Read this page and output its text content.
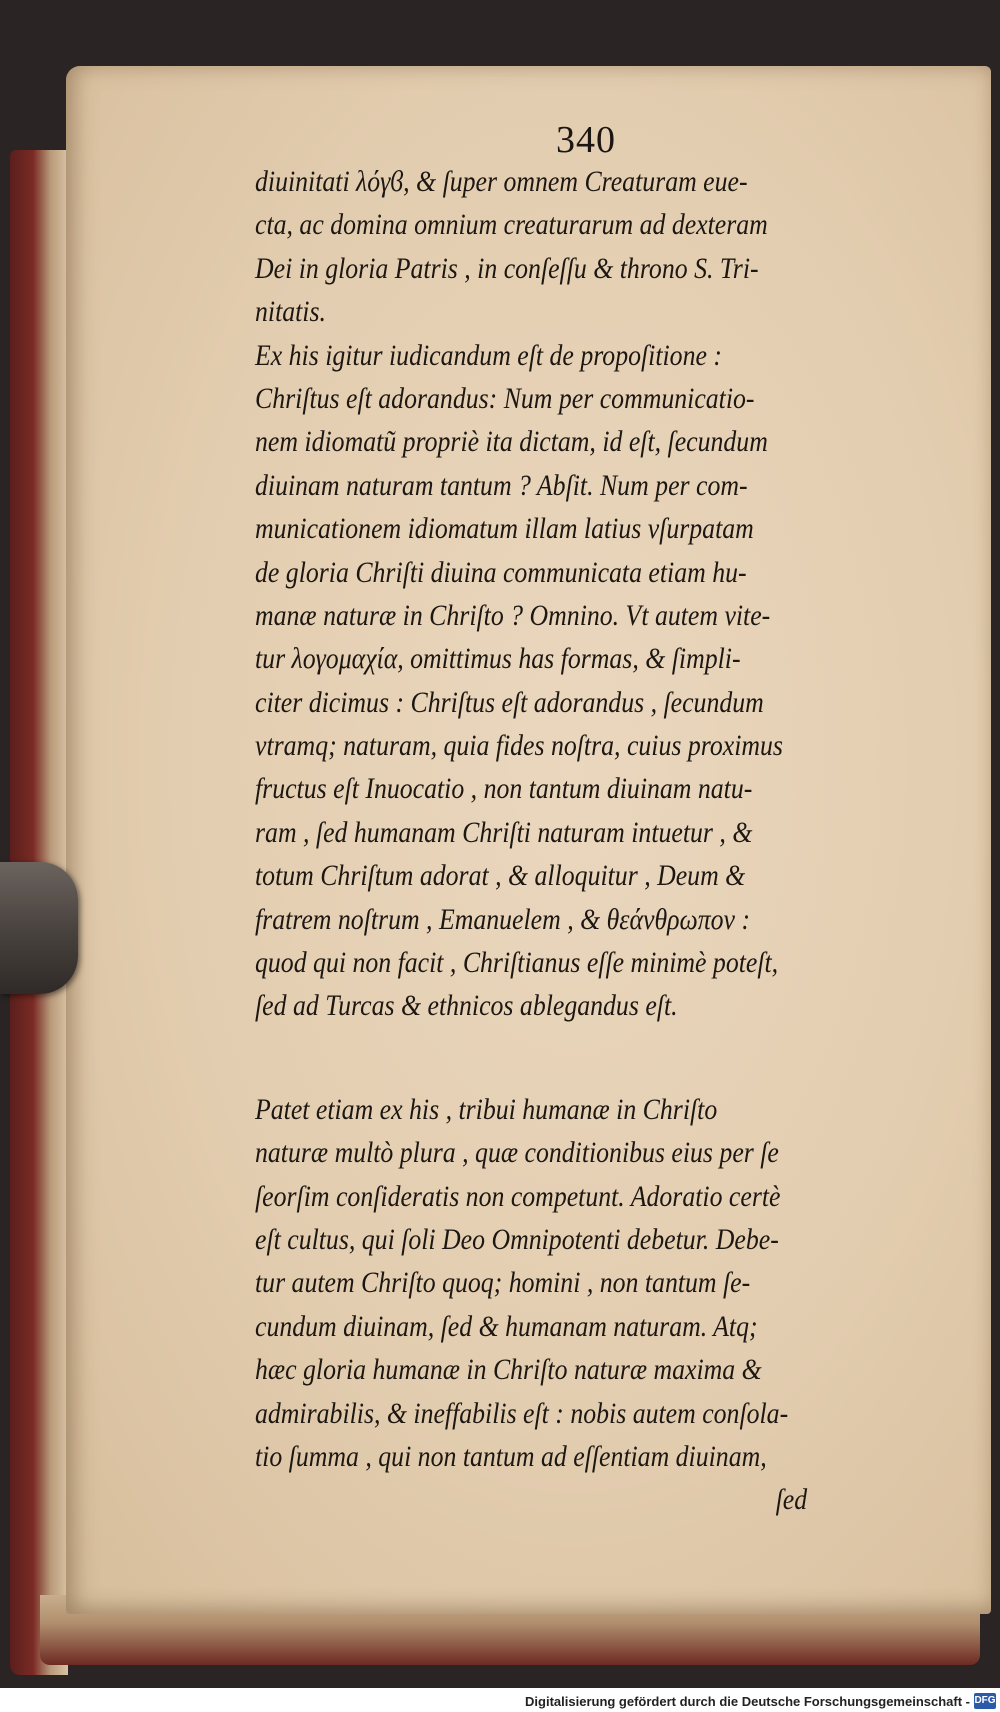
340
diuinitati λόγϐ, & ſuper omnem Creaturam eue-
cta, ac domina omnium creaturarum ad dexteram
Dei in gloria Patris , in conſeſſu & throno S. Tri-
nitatis.
Ex his igitur iudicandum eſt de propoſitione :
Chriſtus eſt adorandus: Num per communicatio-
nem idiomatũ propriè ita dictam, id eſt, ſecundum
diuinam naturam tantum ? Abſit. Num per com-
municationem idiomatum illam latius vſurpatam
de gloria Chriſti diuina communicata etiam hu-
manæ naturæ in Chriſto ? Omnino. Vt autem vite-
tur λογομαχία, omittimus has formas, & ſimpli-
citer dicimus : Chriſtus eſt adorandus , ſecundum
vtramq; naturam, quia fides noſtra, cuius proximus
fructus eſt Inuocatio , non tantum diuinam natu-
ram , ſed humanam Chriſti naturam intuetur , &
totum Chriſtum adorat , & alloquitur , Deum &
fratrem noſtrum , Emanuelem , & θεάνθρωπον :
quod qui non facit , Chriſtianus eſſe minimè poteſt,
ſed ad Turcas & ethnicos ablegandus eſt.
Patet etiam ex his , tribui humanæ in Chriſto
naturæ multò plura , quæ conditionibus eius per ſe
ſeorſim conſideratis non competunt. Adoratio certè
eſt cultus, qui ſoli Deo Omnipotenti debetur. Debe-
tur autem Chriſto quoq; homini , non tantum ſe-
cundum diuinam, ſed & humanam naturam. Atq;
hæc gloria humanæ in Chriſto naturæ maxima &
admirabilis, & ineffabilis eſt : nobis autem conſola-
tio ſumma , qui non tantum ad eſſentiam diuinam,
ſed
Digitalisierung gefördert durch die Deutsche Forschungsgemeinschaft - DFG
